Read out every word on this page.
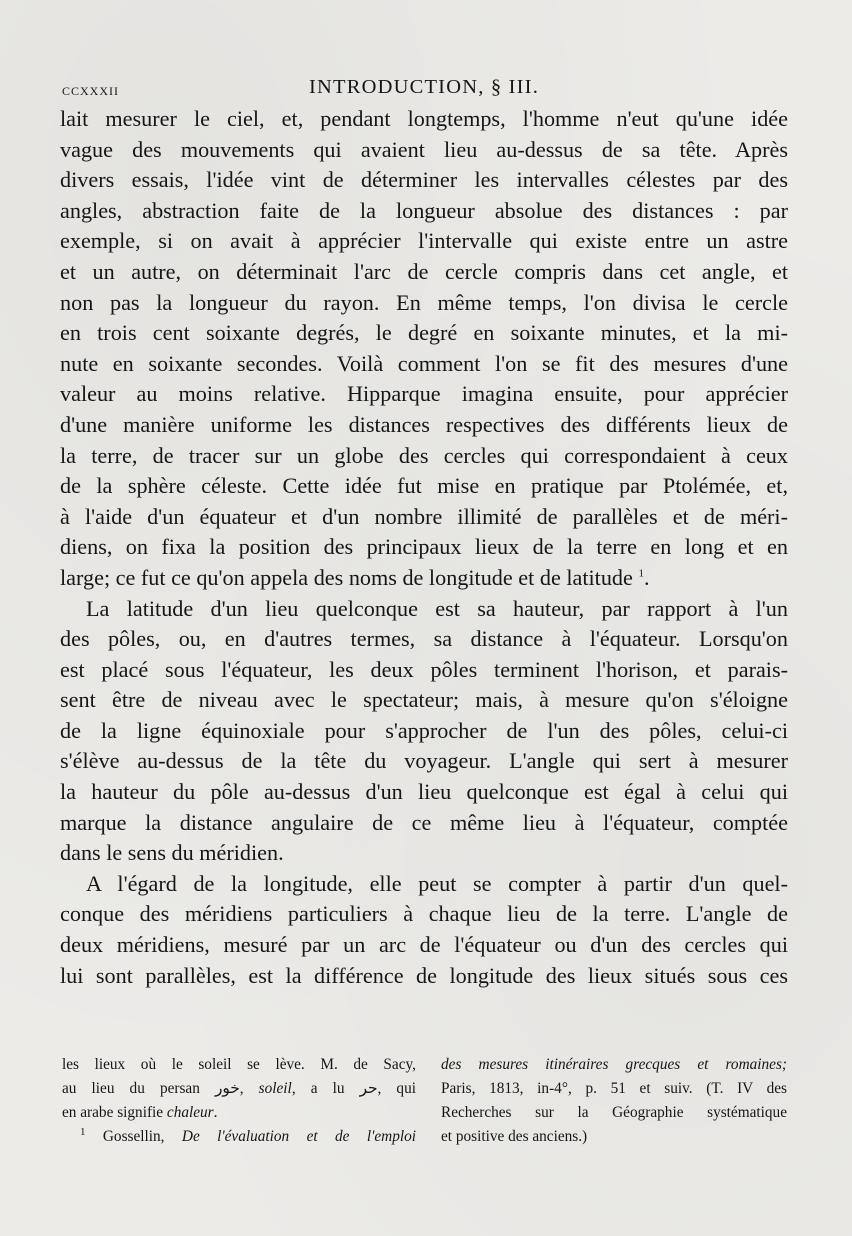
CCXXXII	INTRODUCTION, § III.
lait mesurer le ciel, et, pendant longtemps, l'homme n'eut qu'une idée
vague des mouvements qui avaient lieu au-dessus de sa tête. Après
divers essais, l'idée vint de déterminer les intervalles célestes par des
angles, abstraction faite de la longueur absolue des distances : par
exemple, si on avait à apprécier l'intervalle qui existe entre un astre
et un autre, on déterminait l'arc de cercle compris dans cet angle, et
non pas la longueur du rayon. En même temps, l'on divisa le cercle
en trois cent soixante degrés, le degré en soixante minutes, et la mi-
nute en soixante secondes. Voilà comment l'on se fit des mesures d'une
valeur au moins relative. Hipparque imagina ensuite, pour apprécier
d'une manière uniforme les distances respectives des différents lieux de
la terre, de tracer sur un globe des cercles qui correspondaient à ceux
de la sphère céleste. Cette idée fut mise en pratique par Ptolémée, et,
à l'aide d'un équateur et d'un nombre illimité de parallèles et de méri-
diens, on fixa la position des principaux lieux de la terre en long et en
large; ce fut ce qu'on appela des noms de longitude et de latitude $^1$.
La latitude d'un lieu quelconque est sa hauteur, par rapport à l'un
des pôles, ou, en d'autres termes, sa distance à l'équateur. Lorsqu'on
est placé sous l'équateur, les deux pôles terminent l'horison, et parais-
sent être de niveau avec le spectateur; mais, à mesure qu'on s'éloigne
de la ligne équinoxiale pour s'approcher de l'un des pôles, celui-ci
s'élève au-dessus de la tête du voyageur. L'angle qui sert à mesurer
la hauteur du pôle au-dessus d'un lieu quelconque est égal à celui qui
marque la distance angulaire de ce même lieu à l'équateur, comptée
dans le sens du méridien.
A l'égard de la longitude, elle peut se compter à partir d'un quel-
conque des méridiens particuliers à chaque lieu de la terre. L'angle de
deux méridiens, mesuré par un arc de l'équateur ou d'un des cercles qui
lui sont parallèles, est la différence de longitude des lieux situés sous ces
les lieux où le soleil se lève. M. de Sacy,
au lieu du persan خور, soleil, a lu حر, qui
en arabe signifie chaleur.
$^1$ Gossellin, De l'évaluation et de l'emploi
des mesures itinéraires grecques et romaines;
Paris, 1813, in-4°, p. 51 et suiv. (T. IV des
Recherches sur la Géographie systématique
et positive des anciens.)
